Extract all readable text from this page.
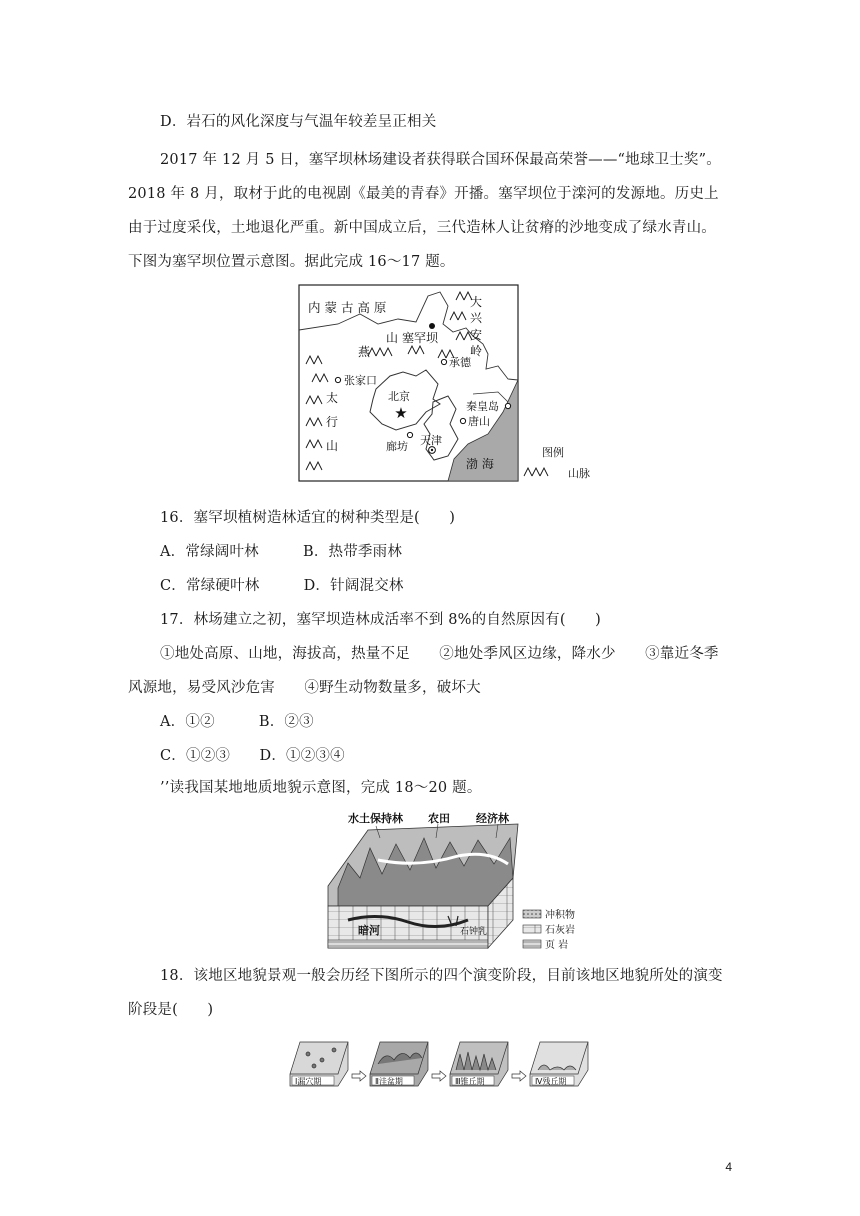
D．岩石的风化深度与气温年较差呈正相关
2017 年 12 月 5 日，塞罕坝林场建设者获得联合国环保最高荣誉——“地球卫士奖”。
2018 年 8 月，取材于此的电视剧《最美的青春》开播。塞罕坝位于滦河的发源地。历史上
由于过度采伐，土地退化严重。新中国成立后，三代造林人让贫瘠的沙地变成了绿水青山。
下图为塞罕坝位置示意图。据此完成 16～17 题。
★
内 蒙 古 高 原	大
兴
安
岭
山 塞罕坝
燕
承德
张家口
北京
太
行
山
秦皇岛
唐山
天津
廊坊
渤 海
图例
山脉
16．塞罕坝植树造林适宜的树种类型是(　　)
A．常绿阔叶林　　　B．热带季雨林
C．常绿硬叶林　　　D．针阔混交林
17．林场建立之初，塞罕坝造林成活率不到 8%的自然原因有(　　)
①地处高原、山地，海拔高，热量不足　　②地处季风区边缘，降水少　　③靠近冬季
风源地，易受风沙危害　　④野生动物数量多，破坏大
A．①②　　　B．②③
C．①②③　　D．①②③④
’’读我国某地地质地貌示意图，完成 18～20 题。
水土保持林 农田 经济林
暗河	石钟乳
冲积物
石灰岩
页 岩
18．该地区地貌景观一般会历经下图所示的四个演变阶段，目前该地区地貌所处的演变
阶段是(　　)
Ⅰ漏穴期	Ⅱ洼盆期	Ⅲ锥丘期	Ⅳ残丘期
4
